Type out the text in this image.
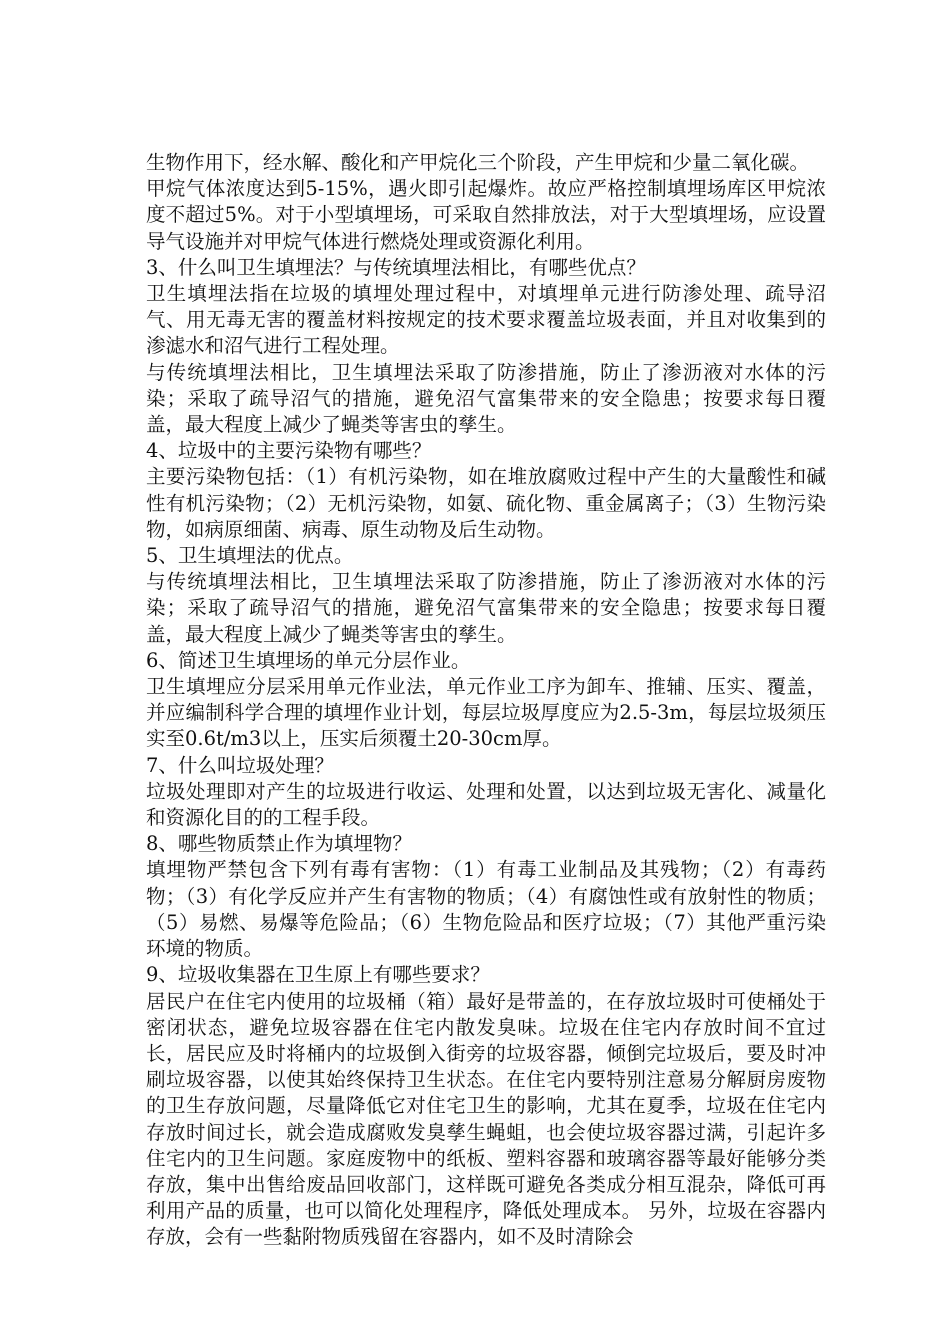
生物作用下，经水解、酸化和产甲烷化三个阶段，产生甲烷和少量二氧化碳。

甲烷气体浓度达到5-15%，遇火即引起爆炸。故应严格控制填埋场库区甲烷浓度不超过5%。对于小型填埋场，可采取自然排放法，对于大型填埋场，应设置导气设施并对甲烷气体进行燃烧处理或资源化利用。

3、什么叫卫生填埋法？与传统填埋法相比，有哪些优点？

卫生填埋法指在垃圾的填埋处理过程中，对填埋单元进行防渗处理、疏导沼气、用无毒无害的覆盖材料按规定的技术要求覆盖垃圾表面，并且对收集到的渗滤水和沼气进行工程处理。

与传统填埋法相比，卫生填埋法采取了防渗措施，防止了渗沥液对水体的污染；采取了疏导沼气的措施，避免沼气富集带来的安全隐患；按要求每日覆盖，最大程度上减少了蝇类等害虫的孳生。

4、垃圾中的主要污染物有哪些？

主要污染物包括：（1）有机污染物，如在堆放腐败过程中产生的大量酸性和碱性有机污染物；（2）无机污染物，如氨、硫化物、重金属离子；（3）生物污染物，如病原细菌、病毒、原生动物及后生动物。

5、卫生填埋法的优点。

与传统填埋法相比，卫生填埋法采取了防渗措施，防止了渗沥液对水体的污染；采取了疏导沼气的措施，避免沼气富集带来的安全隐患；按要求每日覆盖，最大程度上减少了蝇类等害虫的孳生。

6、简述卫生填埋场的单元分层作业。

卫生填埋应分层采用单元作业法，单元作业工序为卸车、推辅、压实、覆盖，并应编制科学合理的填埋作业计划，每层垃圾厚度应为2.5-3m，每层垃圾须压实至0.6t/m3以上，压实后须覆土20-30cm厚。

7、什么叫垃圾处理？

垃圾处理即对产生的垃圾进行收运、处理和处置，以达到垃圾无害化、减量化和资源化目的的工程手段。

8、哪些物质禁止作为填埋物？

填埋物严禁包含下列有毒有害物：（1）有毒工业制品及其残物；（2）有毒药物；（3）有化学反应并产生有害物的物质；（4）有腐蚀性或有放射性的物质；（5）易燃、易爆等危险品；（6）生物危险品和医疗垃圾；（7）其他严重污染环境的物质。

9、垃圾收集器在卫生原上有哪些要求？

居民户在住宅内使用的垃圾桶（箱）最好是带盖的，在存放垃圾时可使桶处于密闭状态，避免垃圾容器在住宅内散发臭味。垃圾在住宅内存放时间不宜过长，居民应及时将桶内的垃圾倒入街旁的垃圾容器，倾倒完垃圾后，要及时冲刷垃圾容器，以使其始终保持卫生状态。在住宅内要特别注意易分解厨房废物的卫生存放问题，尽量降低它对住宅卫生的影响，尤其在夏季，垃圾在住宅内存放时间过长，就会造成腐败发臭孳生蝇蛆，也会使垃圾容器过满，引起许多住宅内的卫生问题。家庭废物中的纸板、塑料容器和玻璃容器等最好能够分类存放，集中出售给废品回收部门，这样既可避免各类成分相互混杂，降低可再利用产品的质量，也可以简化处理程序，降低处理成本。 另外，垃圾在容器内存放，会有一些黏附物质残留在容器内，如不及时清除会
